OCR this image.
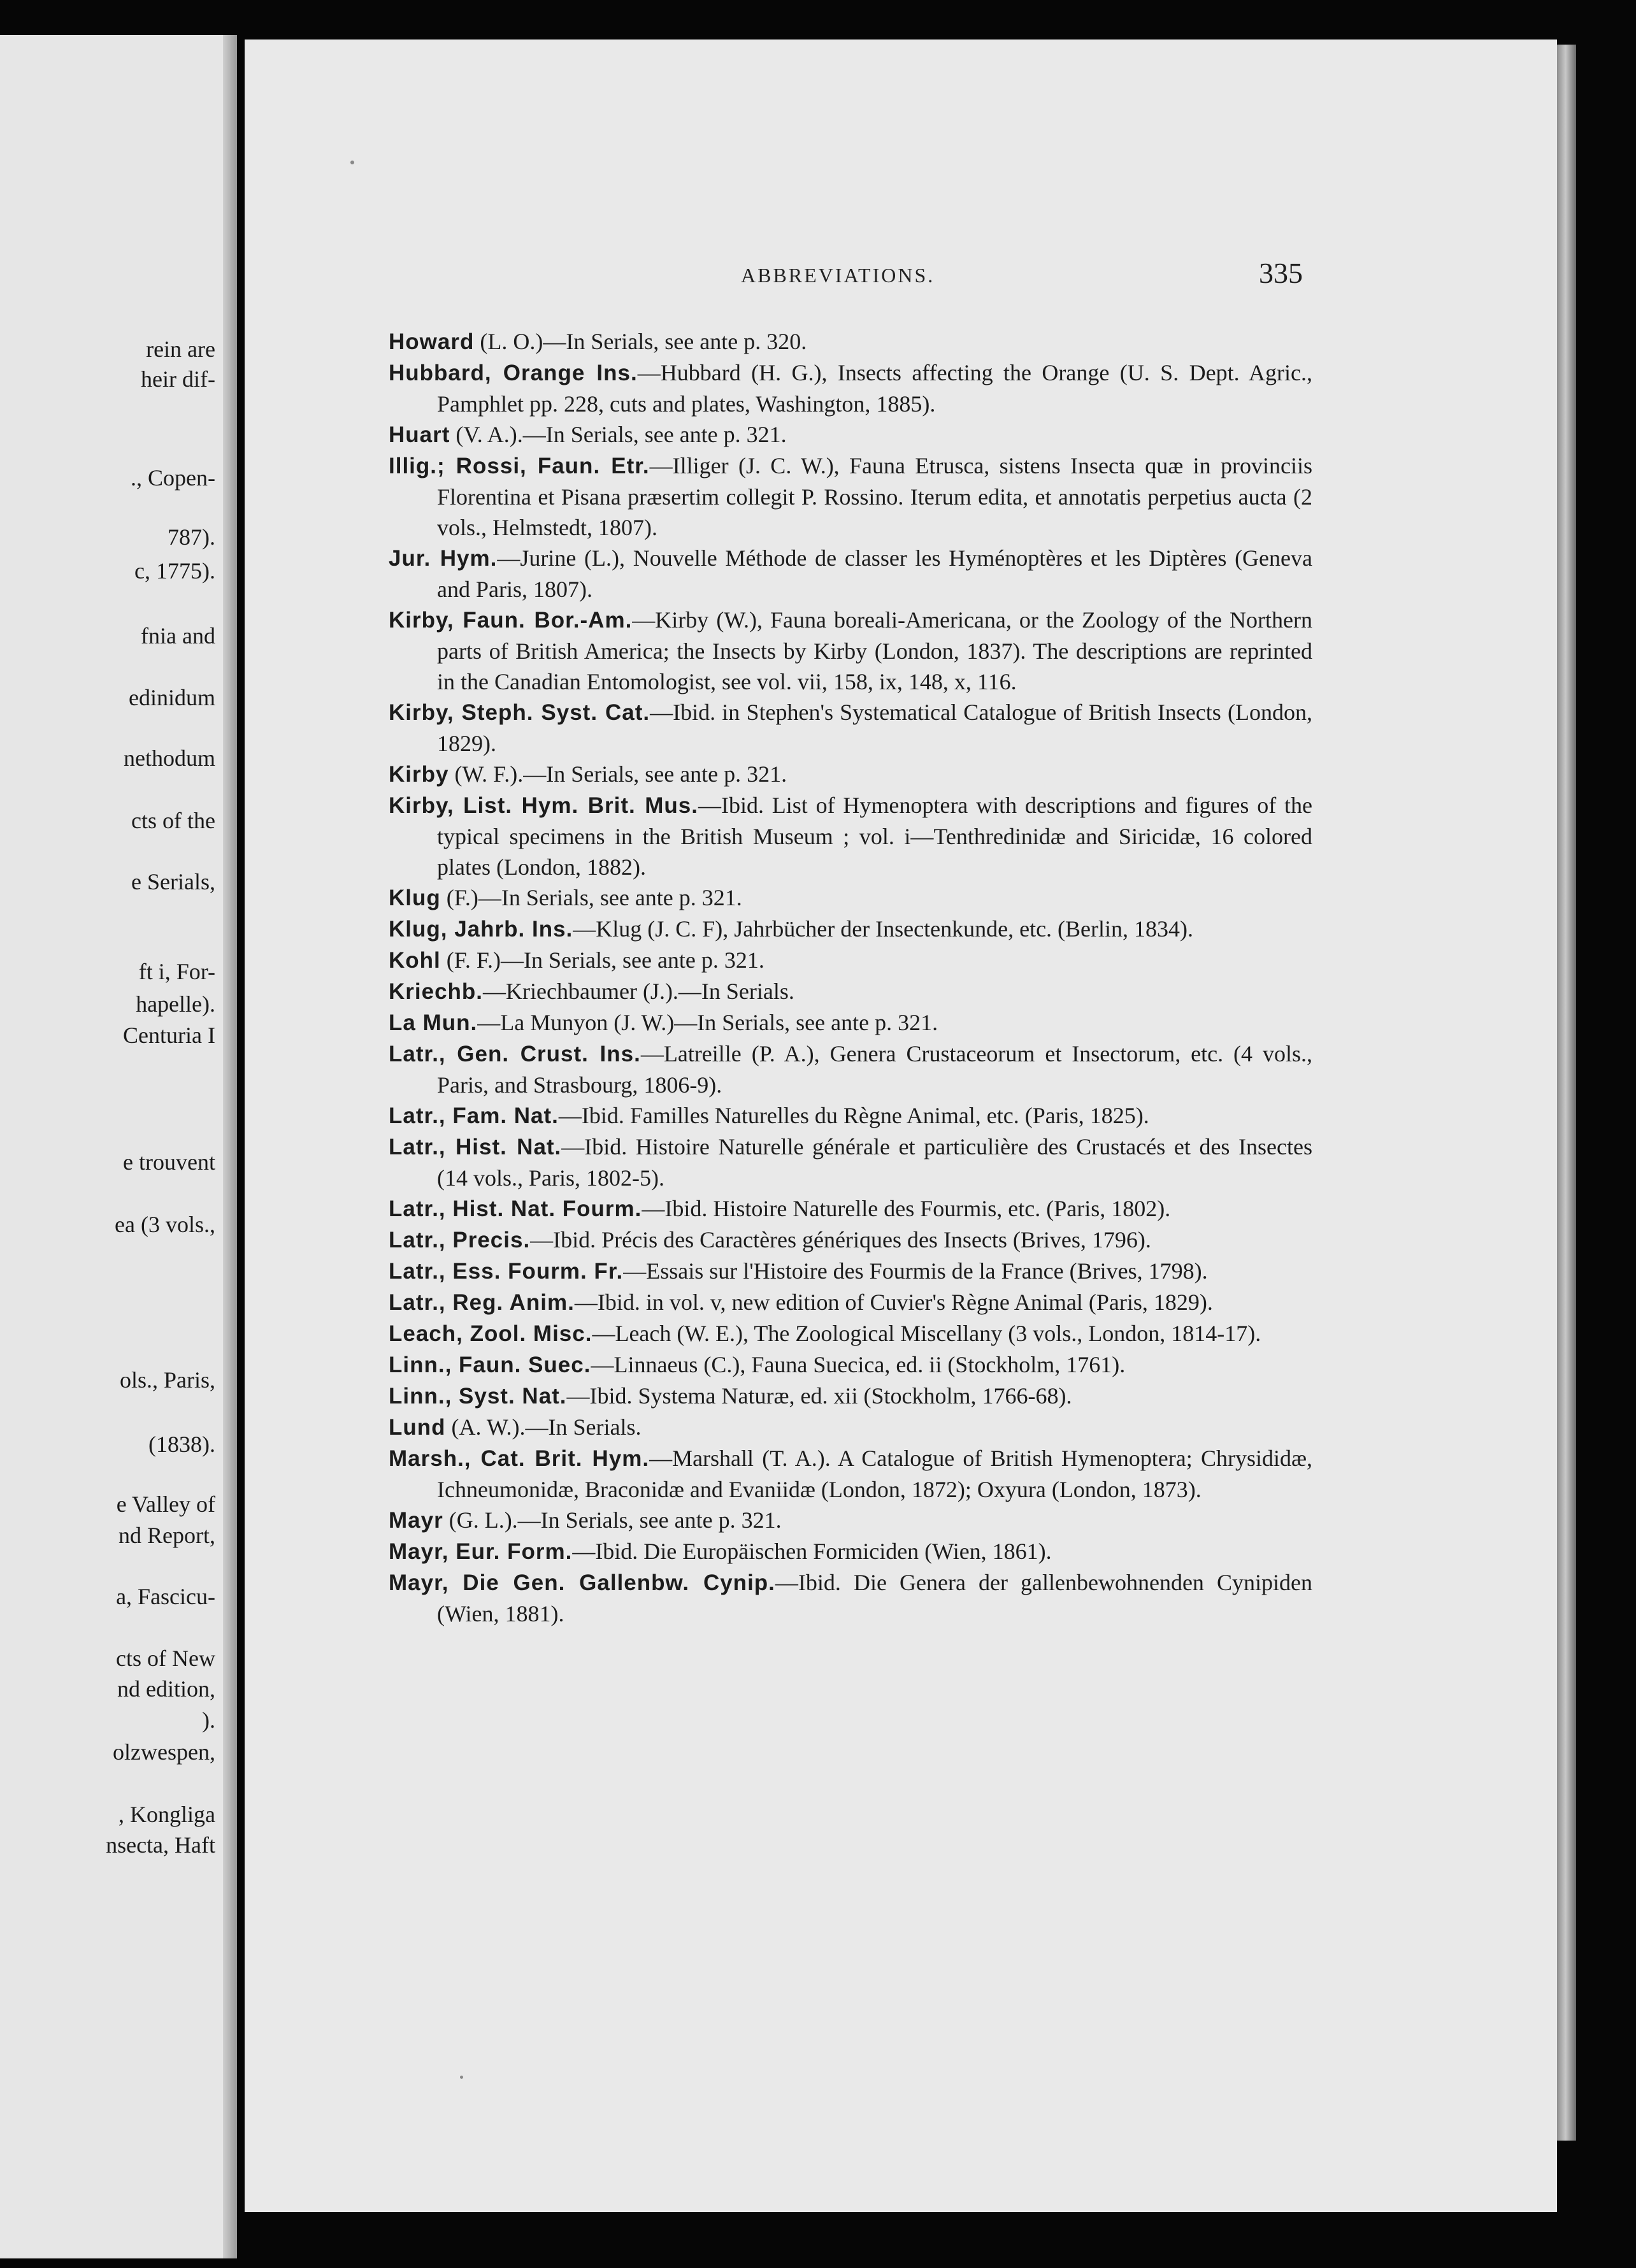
rein are
heir dif-
., Copen-
787).
c, 1775).
fnia and
edinidum
nethodum
cts of the
e Serials,
ft i, For-
hapelle).
Centuria I
e trouvent
ea (3 vols.,
ols., Paris,
(1838).
e Valley of
nd Report,
a, Fascicu-
cts of New
nd edition,
).
olzwespen,
, Kongliga
nsecta, Haft
ABBREVIATIONS.	335
Howard (L. O.)—In Serials, see ante p. 320.
Hubbard, Orange Ins.—Hubbard (H. G.), Insects affecting the Orange (U. S. Dept. Agric., Pamphlet pp. 228, cuts and plates, Washington, 1885).
Huart (V. A.).—In Serials, see ante p. 321.
Illig.; Rossi, Faun. Etr.—Illiger (J. C. W.), Fauna Etrusca, sistens Insecta quæ in provinciis Florentina et Pisana præsertim collegit P. Rossino. Iterum edita, et annotatis perpetius aucta (2 vols., Helmstedt, 1807).
Jur. Hym.—Jurine (L.), Nouvelle Méthode de classer les Hyménoptères et les Diptères (Geneva and Paris, 1807).
Kirby, Faun. Bor.-Am.—Kirby (W.), Fauna boreali-Americana, or the Zoology of the Northern parts of British America; the Insects by Kirby (London, 1837). The descriptions are reprinted in the Canadian Entomologist, see vol. vii, 158, ix, 148, x, 116.
Kirby, Steph. Syst. Cat.—Ibid. in Stephen's Systematical Catalogue of British Insects (London, 1829).
Kirby (W. F.).—In Serials, see ante p. 321.
Kirby, List. Hym. Brit. Mus.—Ibid. List of Hymenoptera with descriptions and figures of the typical specimens in the British Museum ; vol. i—Tenthredinidæ and Siricidæ, 16 colored plates (London, 1882).
Klug (F.)—In Serials, see ante p. 321.
Klug, Jahrb. Ins.—Klug (J. C. F), Jahrbücher der Insectenkunde, etc. (Berlin, 1834).
Kohl (F. F.)—In Serials, see ante p. 321.
Kriechb.—Kriechbaumer (J.).—In Serials.
La Mun.—La Munyon (J. W.)—In Serials, see ante p. 321.
Latr., Gen. Crust. Ins.—Latreille (P. A.), Genera Crustaceorum et Insectorum, etc. (4 vols., Paris, and Strasbourg, 1806-9).
Latr., Fam. Nat.—Ibid. Familles Naturelles du Règne Animal, etc. (Paris, 1825).
Latr., Hist. Nat.—Ibid. Histoire Naturelle générale et particulière des Crustacés et des Insectes (14 vols., Paris, 1802-5).
Latr., Hist. Nat. Fourm.—Ibid. Histoire Naturelle des Fourmis, etc. (Paris, 1802).
Latr., Precis.—Ibid. Précis des Caractères génériques des Insects (Brives, 1796).
Latr., Ess. Fourm. Fr.—Essais sur l'Histoire des Fourmis de la France (Brives, 1798).
Latr., Reg. Anim.—Ibid. in vol. v, new edition of Cuvier's Règne Animal (Paris, 1829).
Leach, Zool. Misc.—Leach (W. E.), The Zoological Miscellany (3 vols., London, 1814-17).
Linn., Faun. Suec.—Linnaeus (C.), Fauna Suecica, ed. ii (Stockholm, 1761).
Linn., Syst. Nat.—Ibid. Systema Naturæ, ed. xii (Stockholm, 1766-68).
Lund (A. W.).—In Serials.
Marsh., Cat. Brit. Hym.—Marshall (T. A.). A Catalogue of British Hymenoptera; Chrysididæ, Ichneumonidæ, Braconidæ and Evaniidæ (London, 1872); Oxyura (London, 1873).
Mayr (G. L.).—In Serials, see ante p. 321.
Mayr, Eur. Form.—Ibid. Die Europäischen Formiciden (Wien, 1861).
Mayr, Die Gen. Gallenbw. Cynip.—Ibid. Die Genera der gallenbewohnenden Cynipiden (Wien, 1881).
